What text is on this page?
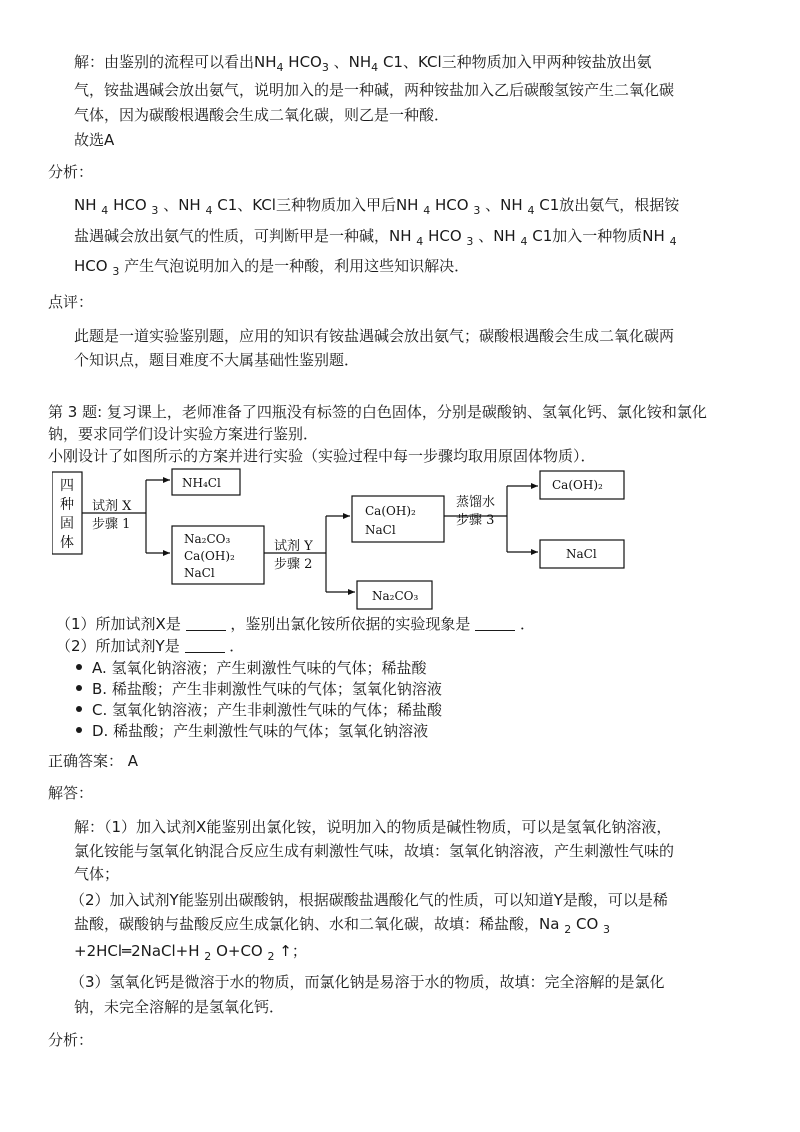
解：由鉴别的流程可以看出$NH_4$ $HCO_3$ 、$NH_4$ C1、KCl三种物质加入甲两种铵盐放出氨
气，铵盐遇碱会放出氨气，说明加入的是一种碱，两种铵盐加入乙后碳酸氢铵产生二氧化碳
气体，因为碳酸根遇酸会生成二氧化碳，则乙是一种酸．
故选A
分析：
NH $_4$ HCO $_3$ 、NH $_4$ C1、KCl三种物质加入甲后NH $_4$ HCO $_3$ 、NH $_4$ C1放出氨气，根据铵
盐遇碱会放出氨气的性质，可判断甲是一种碱，NH $_4$ HCO $_3$ 、NH $_4$ C1加入一种物质NH $_4$
HCO $_3$ 产生气泡说明加入的是一种酸，利用这些知识解决．
点评：
此题是一道实验鉴别题，应用的知识有铵盐遇碱会放出氨气；碳酸根遇酸会生成二氧化碳两
个知识点，题目难度不大属基础性鉴别题．
第 3 题: 复习课上，老师准备了四瓶没有标签的白色固体，分别是碳酸钠、氢氧化钙、氯化铵和氯化
钠，要求同学们设计实验方案进行鉴别．
小刚设计了如图所示的方案并进行实验（实验过程中每一步骤均取用原固体物质）．
四
种
固
体
试剂 X
步骤 1
NH₄Cl
Na₂CO₃
Ca(OH)₂
NaCl
试剂 Y
步骤 2
Ca(OH)₂
NaCl
Na₂CO₃
蒸馏水
步骤 3
Ca(OH)₂
NaCl
（1）所加试剂X是	，鉴别出氯化铵所依据的实验现象是	．
（2）所加试剂Y是	．
A. 氢氧化钠溶液；产生刺激性气味的气体；稀盐酸
B. 稀盐酸；产生非刺激性气味的气体；氢氧化钠溶液
C. 氢氧化钠溶液；产生非刺激性气味的气体；稀盐酸
D. 稀盐酸；产生刺激性气味的气体；氢氧化钠溶液
正确答案： A
解答：
解：（1）加入试剂X能鉴别出氯化铵，说明加入的物质是碱性物质，可以是氢氧化钠溶液，
氯化铵能与氢氧化钠混合反应生成有刺激性气味，故填：氢氧化钠溶液，产生刺激性气味的
气体；
（2）加入试剂Y能鉴别出碳酸钠，根据碳酸盐遇酸化气的性质，可以知道Y是酸，可以是稀
盐酸，碳酸钠与盐酸反应生成氯化钠、水和二氧化碳，故填：稀盐酸，Na $_2$ CO $_3$
+2HCl═2NaCl+H $_2$ O+CO $_2$ ↑；
（3）氢氧化钙是微溶于水的物质，而氯化钠是易溶于水的物质，故填：完全溶解的是氯化
钠，未完全溶解的是氢氧化钙．
分析：
